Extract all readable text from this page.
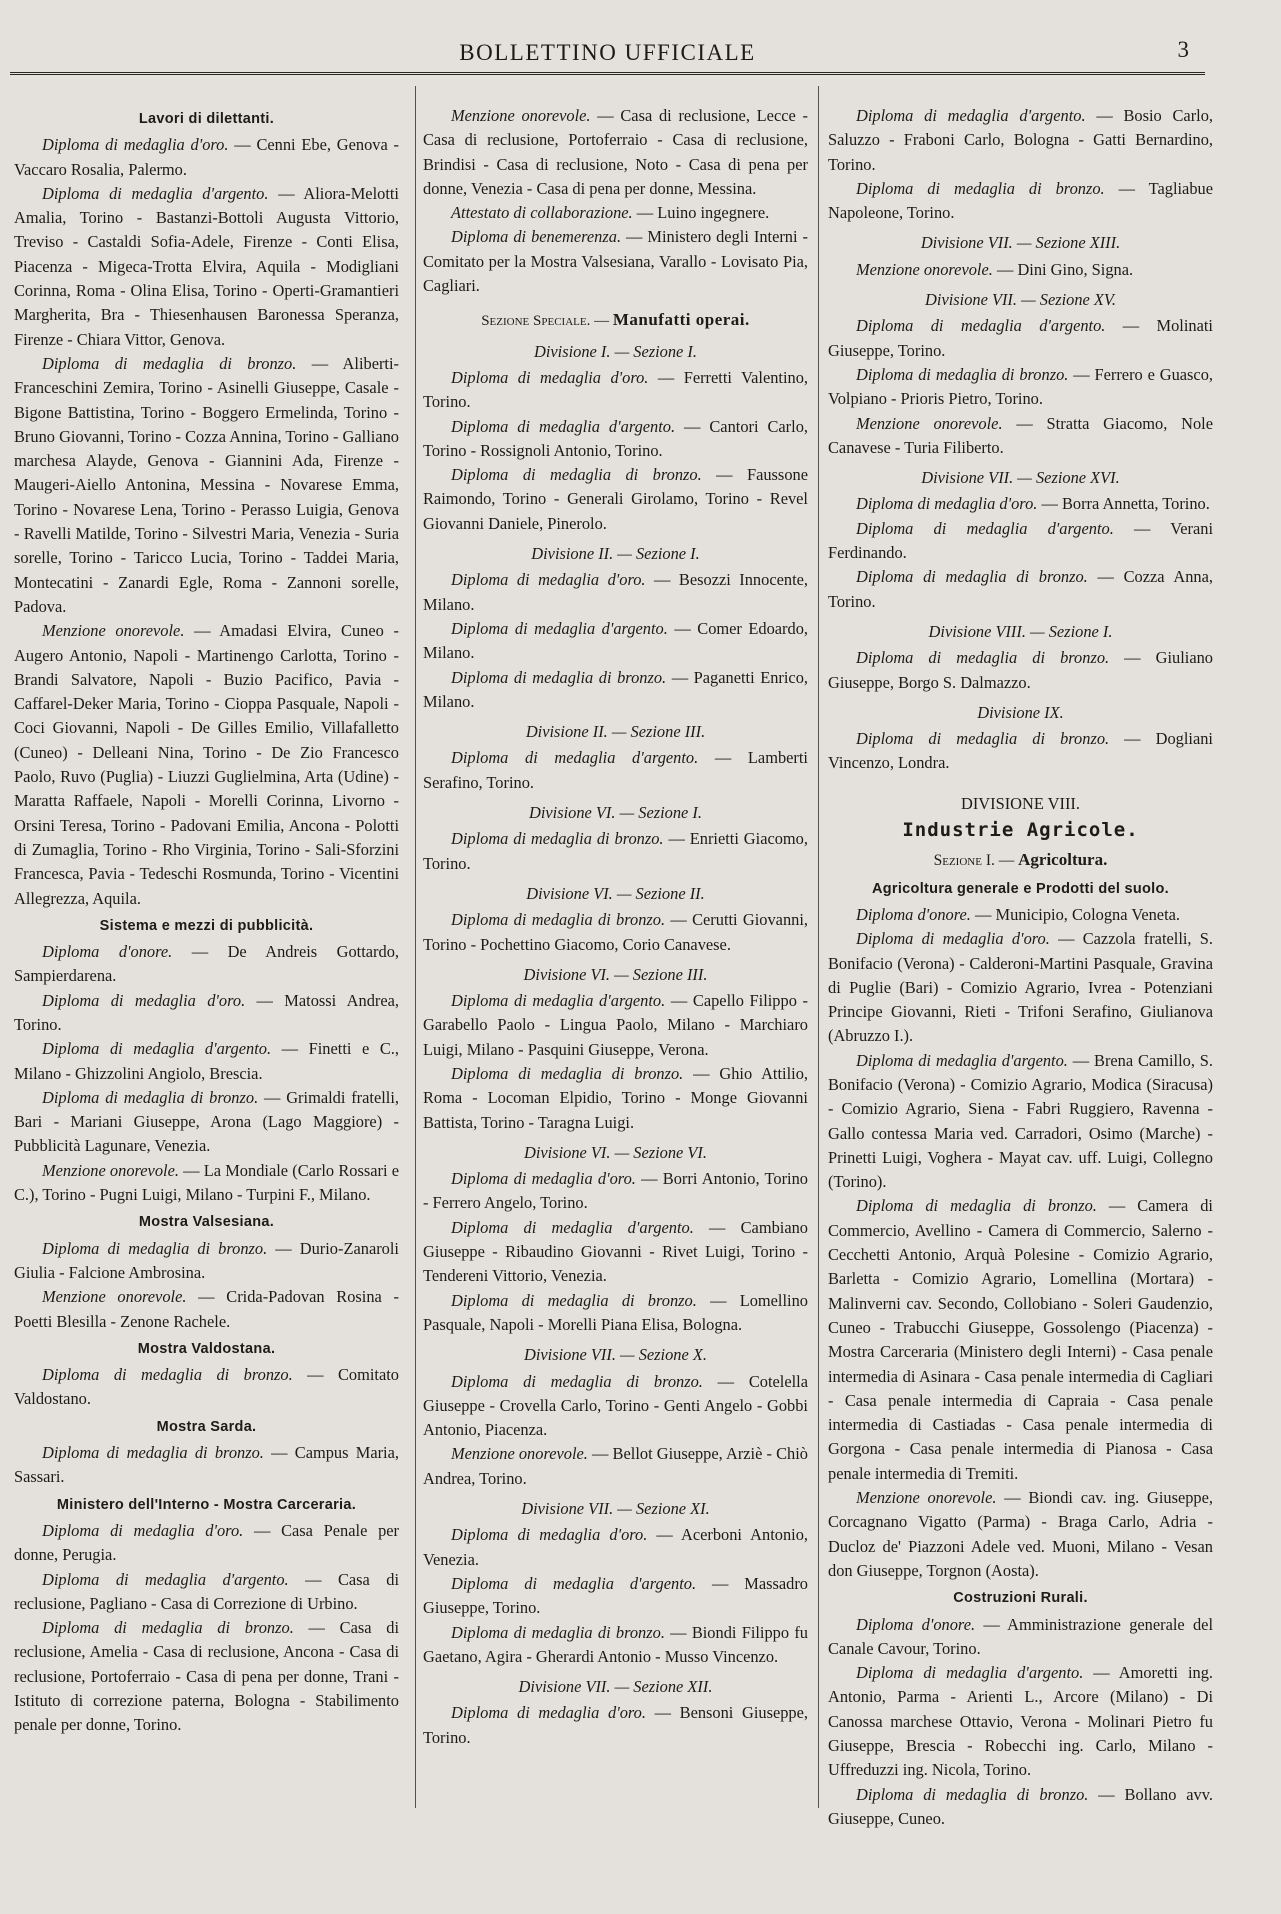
BOLLETTINO UFFICIALE	3
Lavori di dilettanti.

Diploma di medaglia d'oro. — Cenni Ebe, Genova - Vaccaro Rosalia, Palermo.

Diploma di medaglia d'argento. — Aliora-Melotti Amalia, Torino - Bastanzi-Bottoli Augusta Vittorio, Treviso - Castaldi Sofia-Adele, Firenze - Conti Elisa, Piacenza - Migeca-Trotta Elvira, Aquila - Modigliani Corinna, Roma - Olina Elisa, Torino - Operti-Gramantieri Margherita, Bra - Thiesenhausen Baronessa Speranza, Firenze - Chiara Vittor, Genova.

Diploma di medaglia di bronzo. — Aliberti-Franceschini Zemira, Torino - Asinelli Giuseppe, Casale - Bigone Battistina, Torino - Boggero Ermelinda, Torino - Bruno Giovanni, Torino - Cozza Annina, Torino - Galliano marchesa Alayde, Genova - Giannini Ada, Firenze - Maugeri-Aiello Antonina, Messina - Novarese Emma, Torino - Novarese Lena, Torino - Perasso Luigia, Genova - Ravelli Matilde, Torino - Silvestri Maria, Venezia - Suria sorelle, Torino - Taricco Lucia, Torino - Taddei Maria, Montecatini - Zanardi Egle, Roma - Zannoni sorelle, Padova.

Menzione onorevole. — Amadasi Elvira, Cuneo - Augero Antonio, Napoli - Martinengo Carlotta, Torino - Brandi Salvatore, Napoli - Buzio Pacifico, Pavia - Caffarel-Deker Maria, Torino - Cioppa Pasquale, Napoli - Coci Giovanni, Napoli - De Gilles Emilio, Villafalletto (Cuneo) - Delleani Nina, Torino - De Zio Francesco Paolo, Ruvo (Puglia) - Liuzzi Guglielmina, Arta (Udine) - Maratta Raffaele, Napoli - Morelli Corinna, Livorno - Orsini Teresa, Torino - Padovani Emilia, Ancona - Polotti di Zumaglia, Torino - Rho Virginia, Torino - Sali-Sforzini Francesca, Pavia - Tedeschi Rosmunda, Torino - Vicentini Allegrezza, Aquila.

Sistema e mezzi di pubblicità.

Diploma d'onore. — De Andreis Gottardo, Sampierdarena.

Diploma di medaglia d'oro. — Matossi Andrea, Torino.

Diploma di medaglia d'argento. — Finetti e C., Milano - Ghizzolini Angiolo, Brescia.

Diploma di medaglia di bronzo. — Grimaldi fratelli, Bari - Mariani Giuseppe, Arona (Lago Maggiore) - Pubblicità Lagunare, Venezia.

Menzione onorevole. — La Mondiale (Carlo Rossari e C.), Torino - Pugni Luigi, Milano - Turpini F., Milano.

Mostra Valsesiana.

Diploma di medaglia di bronzo. — Durio-Zanaroli Giulia - Falcione Ambrosina.

Menzione onorevole. — Crida-Padovan Rosina - Poetti Blesilla - Zenone Rachele.

Mostra Valdostana.

Diploma di medaglia di bronzo. — Comitato Valdostano.

Mostra Sarda.

Diploma di medaglia di bronzo. — Campus Maria, Sassari.

Ministero dell'Interno - Mostra Carceraria.

Diploma di medaglia d'oro. — Casa Penale per donne, Perugia.

Diploma di medaglia d'argento. — Casa di reclusione, Pagliano - Casa di Correzione di Urbino.

Diploma di medaglia di bronzo. — Casa di reclusione, Amelia - Casa di reclusione, Ancona - Casa di reclusione, Portoferraio - Casa di pena per donne, Trani - Istituto di correzione paterna, Bologna - Stabilimento penale per donne, Torino.

Menzione onorevole. — Casa di reclusione, Lecce - Casa di reclusione, Portoferraio - Casa di reclusione, Brindisi - Casa di reclusione, Noto - Casa di pena per donne, Venezia - Casa di pena per donne, Messina.

Attestato di collaborazione. — Luino ingegnere.

Diploma di benemerenza. — Ministero degli Interni - Comitato per la Mostra Valsesiana, Varallo - Lovisato Pia, Cagliari.

Sezione Speciale. — Manufatti operai.
Divisione I. — Sezione I.

Diploma di medaglia d'oro. — Ferretti Valentino, Torino.

Diploma di medaglia d'argento. — Cantori Carlo, Torino - Rossignoli Antonio, Torino.

Diploma di medaglia di bronzo. — Faussone Raimondo, Torino - Generali Girolamo, Torino - Revel Giovanni Daniele, Pinerolo.

Divisione II. — Sezione I.

Diploma di medaglia d'oro. — Besozzi Innocente, Milano.

Diploma di medaglia d'argento. — Comer Edoardo, Milano.

Diploma di medaglia di bronzo. — Paganetti Enrico, Milano.

Divisione II. — Sezione III.

Diploma di medaglia d'argento. — Lamberti Serafino, Torino.

Divisione VI. — Sezione I.

Diploma di medaglia di bronzo. — Enrietti Giacomo, Torino.

Divisione VI. — Sezione II.

Diploma di medaglia di bronzo. — Cerutti Giovanni, Torino - Pochettino Giacomo, Corio Canavese.

Divisione VI. — Sezione III.

Diploma di medaglia d'argento. — Capello Filippo - Garabello Paolo - Lingua Paolo, Milano - Marchiaro Luigi, Milano - Pasquini Giuseppe, Verona.

Diploma di medaglia di bronzo. — Ghio Attilio, Roma - Locoman Elpidio, Torino - Monge Giovanni Battista, Torino - Taragna Luigi.

Divisione VI. — Sezione VI.

Diploma di medaglia d'oro. — Borri Antonio, Torino - Ferrero Angelo, Torino.

Diploma di medaglia d'argento. — Cambiano Giuseppe - Ribaudino Giovanni - Rivet Luigi, Torino - Tendereni Vittorio, Venezia.

Diploma di medaglia di bronzo. — Lomellino Pasquale, Napoli - Morelli Piana Elisa, Bologna.

Divisione VII. — Sezione X.

Diploma di medaglia di bronzo. — Cotelella Giuseppe - Crovella Carlo, Torino - Genti Angelo - Gobbi Antonio, Piacenza.

Menzione onorevole. — Bellot Giuseppe, Arziè - Chiò Andrea, Torino.

Divisione VII. — Sezione XI.

Diploma di medaglia d'oro. — Acerboni Antonio, Venezia.

Diploma di medaglia d'argento. — Massadro Giuseppe, Torino.

Diploma di medaglia di bronzo. — Biondi Filippo fu Gaetano, Agira - Gherardi Antonio - Musso Vincenzo.

Divisione VII. — Sezione XII.

Diploma di medaglia d'oro. — Bensoni Giuseppe, Torino.

Diploma di medaglia d'argento. — Bosio Carlo, Saluzzo - Fraboni Carlo, Bologna - Gatti Bernardino, Torino.

Diploma di medaglia di bronzo. — Tagliabue Napoleone, Torino.

Divisione VII. — Sezione XIII.

Menzione onorevole. — Dini Gino, Signa.

Divisione VII. — Sezione XV.

Diploma di medaglia d'argento. — Molinati Giuseppe, Torino.

Diploma di medaglia di bronzo. — Ferrero e Guasco, Volpiano - Prioris Pietro, Torino.

Menzione onorevole. — Stratta Giacomo, Nole Canavese - Turia Filiberto.

Divisione VII. — Sezione XVI.

Diploma di medaglia d'oro. — Borra Annetta, Torino.

Diploma di medaglia d'argento. — Verani Ferdinando.

Diploma di medaglia di bronzo. — Cozza Anna, Torino.

Divisione VIII. — Sezione I.

Diploma di medaglia di bronzo. — Giuliano Giuseppe, Borgo S. Dalmazzo.

Divisione IX.

Diploma di medaglia di bronzo. — Dogliani Vincenzo, Londra.

DIVISIONE VIII.
Industrie Agricole.
Sezione I. — Agricoltura.
Agricoltura generale e Prodotti del suolo.

Diploma d'onore. — Municipio, Cologna Veneta.

Diploma di medaglia d'oro. — Cazzola fratelli, S. Bonifacio (Verona) - Calderoni-Martini Pasquale, Gravina di Puglie (Bari) - Comizio Agrario, Ivrea - Potenziani Principe Giovanni, Rieti - Trifoni Serafino, Giulianova (Abruzzo I.).

Diploma di medaglia d'argento. — Brena Camillo, S. Bonifacio (Verona) - Comizio Agrario, Modica (Siracusa) - Comizio Agrario, Siena - Fabri Ruggiero, Ravenna - Gallo contessa Maria ved. Carradori, Osimo (Marche) - Prinetti Luigi, Voghera - Mayat cav. uff. Luigi, Collegno (Torino).

Diploma di medaglia di bronzo. — Camera di Commercio, Avellino - Camera di Commercio, Salerno - Cecchetti Antonio, Arquà Polesine - Comizio Agrario, Barletta - Comizio Agrario, Lomellina (Mortara) - Malinverni cav. Secondo, Collobiano - Soleri Gaudenzio, Cuneo - Trabucchi Giuseppe, Gossolengo (Piacenza) - Mostra Carceraria (Ministero degli Interni) - Casa penale intermedia di Asinara - Casa penale intermedia di Cagliari - Casa penale intermedia di Capraia - Casa penale intermedia di Castiadas - Casa penale intermedia di Gorgona - Casa penale intermedia di Pianosa - Casa penale intermedia di Tremiti.

Menzione onorevole. — Biondi cav. ing. Giuseppe, Corcagnano Vigatto (Parma) - Braga Carlo, Adria - Ducloz de' Piazzoni Adele ved. Muoni, Milano - Vesan don Giuseppe, Torgnon (Aosta).

Costruzioni Rurali.

Diploma d'onore. — Amministrazione generale del Canale Cavour, Torino.

Diploma di medaglia d'argento. — Amoretti ing. Antonio, Parma - Arienti L., Arcore (Milano) - Di Canossa marchese Ottavio, Verona - Molinari Pietro fu Giuseppe, Brescia - Robecchi ing. Carlo, Milano - Uffreduzzi ing. Nicola, Torino.

Diploma di medaglia di bronzo. — Bollano avv. Giuseppe, Cuneo.
